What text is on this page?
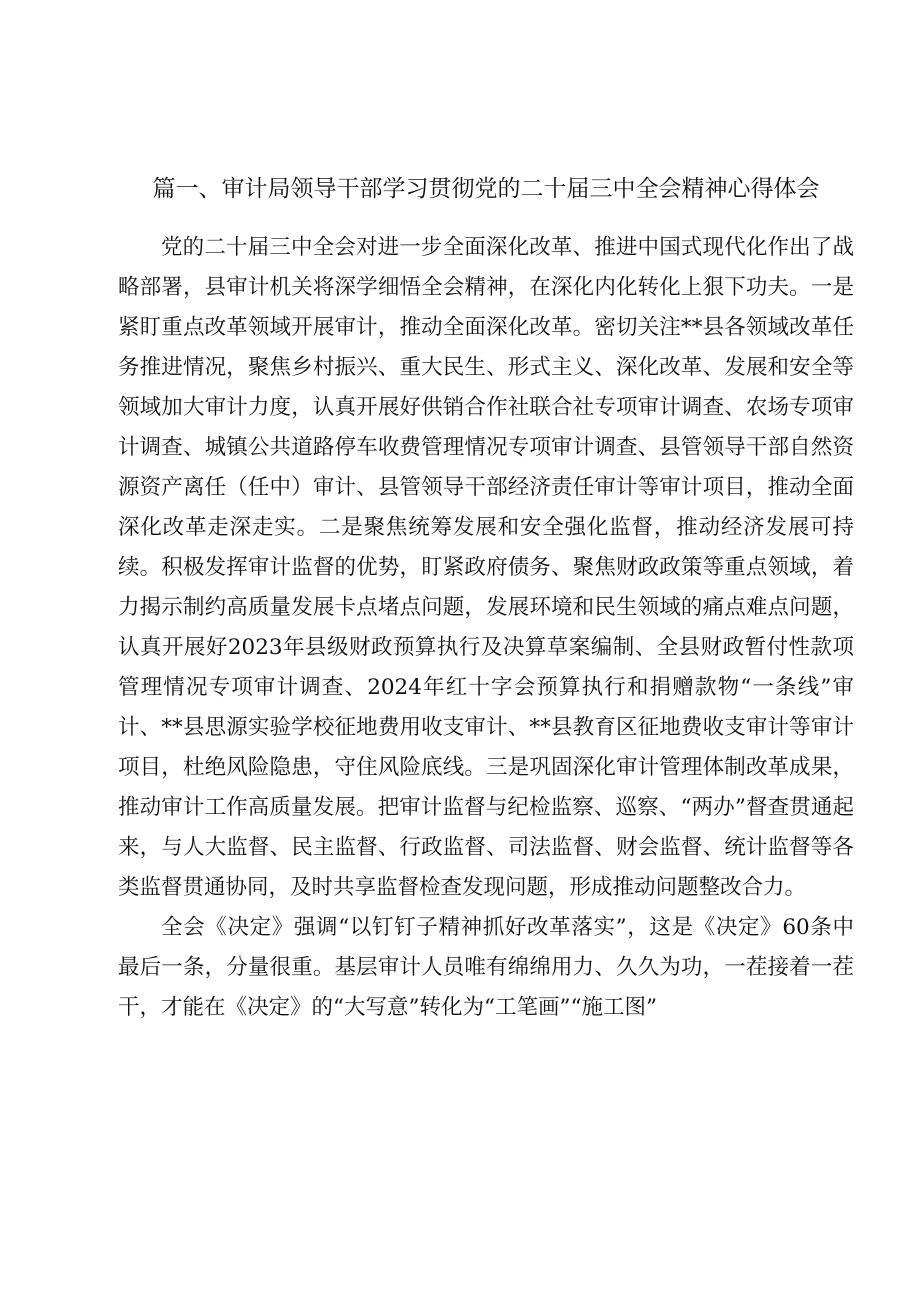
篇一、审计局领导干部学习贯彻党的二十届三中全会精神心得体会

党的二十届三中全会对进一步全面深化改革、推进中国式现代化作出了战略部署，县审计机关将深学细悟全会精神，在深化内化转化上狠下功夫。一是紧盯重点改革领域开展审计，推动全面深化改革。密切关注**县各领域改革任务推进情况，聚焦乡村振兴、重大民生、形式主义、深化改革、发展和安全等领域加大审计力度，认真开展好供销合作社联合社专项审计调查、农场专项审计调查、城镇公共道路停车收费管理情况专项审计调查、县管领导干部自然资源资产离任（任中）审计、县管领导干部经济责任审计等审计项目，推动全面深化改革走深走实。二是聚焦统筹发展和安全强化监督，推动经济发展可持续。积极发挥审计监督的优势，盯紧政府债务、聚焦财政政策等重点领域，着力揭示制约高质量发展卡点堵点问题，发展环境和民生领域的痛点难点问题，认真开展好2023年县级财政预算执行及决算草案编制、全县财政暂付性款项管理情况专项审计调查、2024年红十字会预算执行和捐赠款物“一条线”审计、**县思源实验学校征地费用收支审计、**县教育区征地费收支审计等审计项目，杜绝风险隐患，守住风险底线。三是巩固深化审计管理体制改革成果，推动审计工作高质量发展。把审计监督与纪检监察、巡察、“两办”督查贯通起来，与人大监督、民主监督、行政监督、司法监督、财会监督、统计监督等各类监督贯通协同，及时共享监督检查发现问题，形成推动问题整改合力。

全会《决定》强调“以钉钉子精神抓好改革落实”，这是《决定》60条中最后一条，分量很重。基层审计人员唯有绵绵用力、久久为功，一茬接着一茬干，才能在《决定》的“大写意”转化为“工笔画”“施工图”
